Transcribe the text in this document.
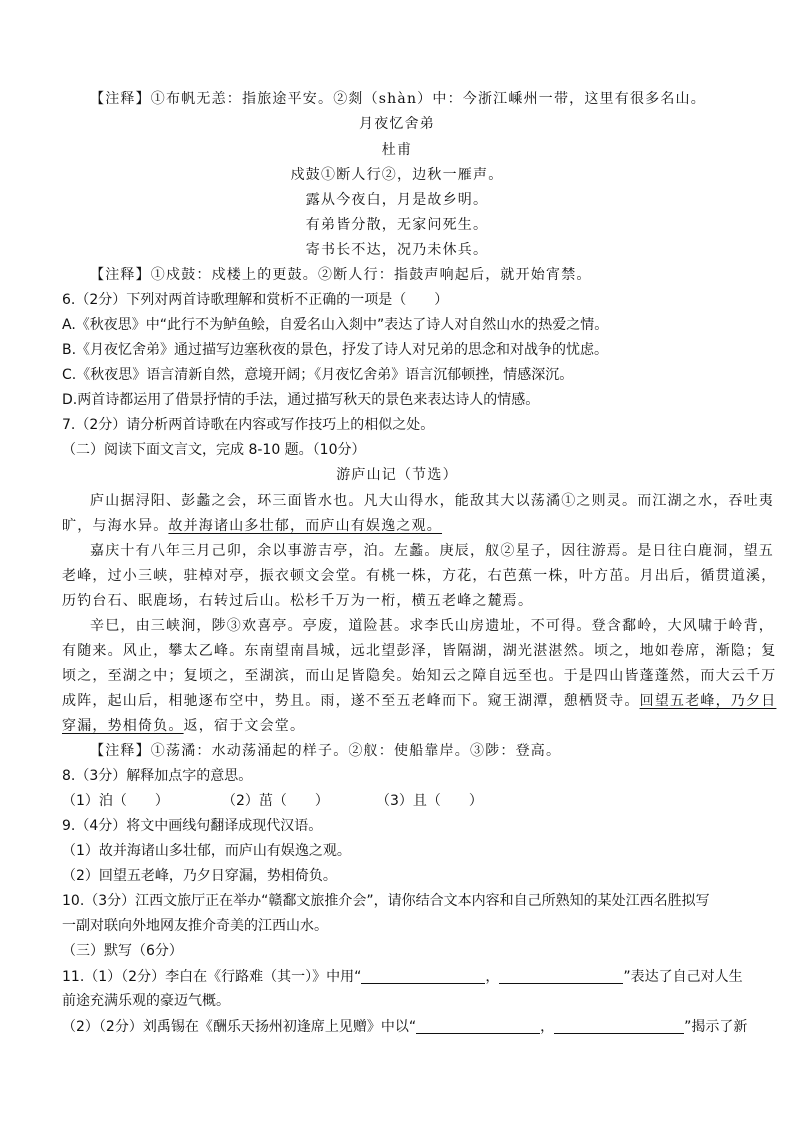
【注释】①布帆无恙：指旅途平安。②剡（shàn）中：今浙江嵊州一带，这里有很多名山。
月夜忆舍弟
杜甫
戍鼓①断人行②，边秋一雁声。
露从今夜白，月是故乡明。
有弟皆分散，无家问死生。
寄书长不达，况乃未休兵。
【注释】①戍鼓：戍楼上的更鼓。②断人行：指鼓声响起后，就开始宵禁。
6.（2分）下列对两首诗歌理解和赏析不正确的一项是（　　）
A.《秋夜思》中“此行不为鲈鱼鲙，自爱名山入剡中”表达了诗人对自然山水的热爱之情。
B.《月夜忆舍弟》通过描写边塞秋夜的景色，抒发了诗人对兄弟的思念和对战争的忧虑。
C.《秋夜思》语言清新自然，意境开阔；《月夜忆舍弟》语言沉郁顿挫，情感深沉。
D.两首诗都运用了借景抒情的手法，通过描写秋天的景色来表达诗人的情感。
7.（2分）请分析两首诗歌在内容或写作技巧上的相似之处。
（二）阅读下面文言文，完成 8-10 题。（10分）
游庐山记（节选）
庐山据浔阳、彭蠡之会，环三面皆水也。凡大山得水，能敌其大以荡潏①之则灵。而江湖之水，吞吐夷
旷，与海水异。故并海诸山多壮郁，而庐山有娱逸之观。
嘉庆十有八年三月己卯，余以事游吉亭，泊。左蠡。庚辰，舣②星子，因往游焉。是日往白鹿洞，望五
老峰，过小三峡，驻棹对亭，振衣顿文会堂。有桃一株，方花，右芭蕉一株，叶方茁。月出后，循贯道溪，
历钓台石、眠鹿场，右转过后山。松杉千万为一桁，横五老峰之麓焉。
辛巳，由三峡涧，陟③欢喜亭。亭废，道险甚。求李氏山房遗址，不可得。登含鄱岭，大风啸于岭背，
有随来。风止，攀太乙峰。东南望南昌城，远北望彭泽，皆隔湖，湖光湛湛然。顷之，地如卷席，渐隐；复
顷之，至湖之中；复顷之，至湖滨，而山足皆隐矣。始知云之障自远至也。于是四山皆蓬蓬然，而大云千万
成阵，起山后，相驰逐布空中，势且。雨，遂不至五老峰而下。窥王湖潭，憩栖贤寺。回望五老峰，乃夕日
穿漏，势相倚负。返，宿于文会堂。
【注释】①荡潏：水动荡涌起的样子。②舣：使船靠岸。③陟：登高。
8.（3分）解释加点字的意思。
（1）泊（　　）	（2）茁（　　）	（3）且（　　）
9.（4分）将文中画线句翻译成现代汉语。
（1）故并海诸山多壮郁，而庐山有娱逸之观。
（2）回望五老峰，乃夕日穿漏，势相倚负。
10.（3分）江西文旅厅正在举办“赣鄱文旅推介会”，请你结合文本内容和自己所熟知的某处江西名胜拟写
一副对联向外地网友推介奇美的江西山水。
（三）默写（6分）
11.（1）（2分）李白在《行路难（其一）》中用“	，	”表达了自己对人生
前途充满乐观的豪迈气概。
（2）（2分）刘禹锡在《酬乐天扬州初逢席上见赠》中以“	，	”揭示了新
